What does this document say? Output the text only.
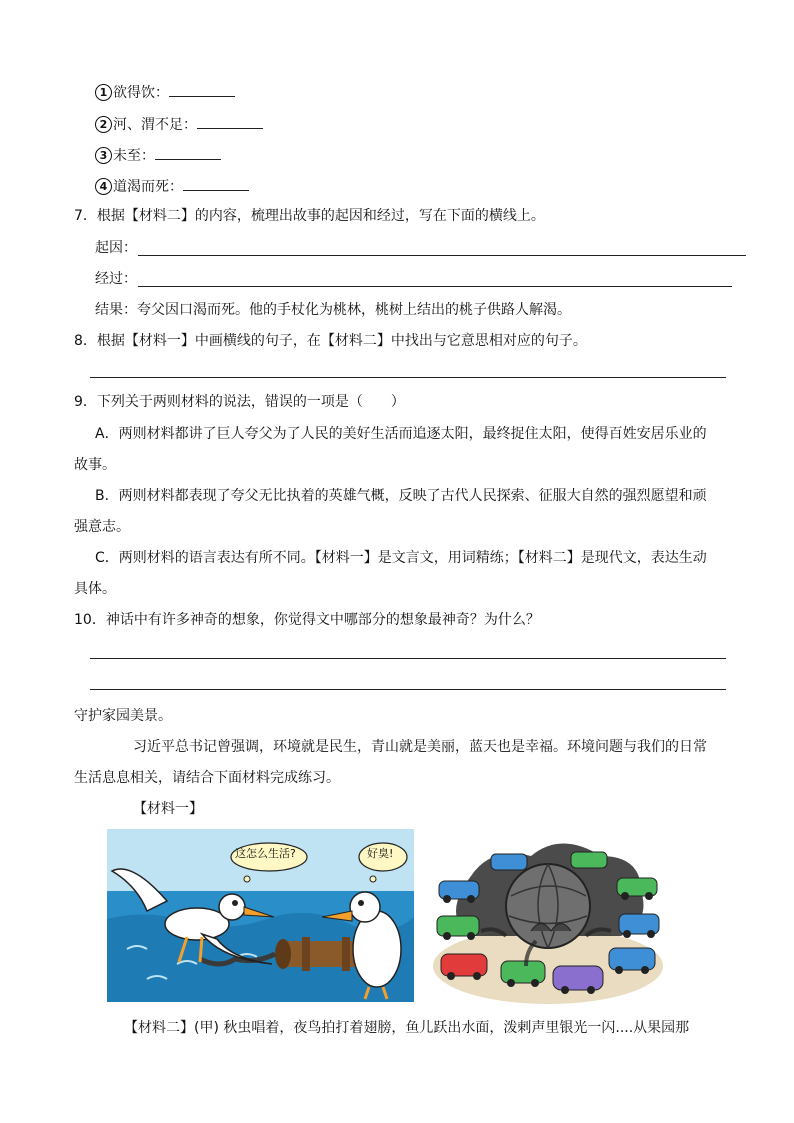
1 欲得饮：
2 河、渭不足：
3 未至：
4 道渴而死：
7．根据【材料二】的内容，梳理出故事的起因和经过，写在下面的横线上。
起因：
经过：
结果：夸父因口渴而死。他的手杖化为桃林，桃树上结出的桃子供路人解渴。
8．根据【材料一】中画横线的句子，在【材料二】中找出与它意思相对应的句子。
9．下列关于两则材料的说法，错误的一项是（　　）
A．两则材料都讲了巨人夸父为了人民的美好生活而追逐太阳，最终捉住太阳，使得百姓安居乐业的
故事。
B．两则材料都表现了夸父无比执着的英雄气概，反映了古代人民探索、征服大自然的强烈愿望和顽
强意志。
C．两则材料的语言表达有所不同。【材料一】是文言文，用词精练；【材料二】是现代文，表达生动
具体。
10．神话中有许多神奇的想象，你觉得文中哪部分的想象最神奇？为什么？
守护家园美景。
习近平总书记曾强调，环境就是民生，青山就是美丽，蓝天也是幸福。环境问题与我们的日常
生活息息相关，请结合下面材料完成练习。
【材料一】
这怎么生活?	好臭!
【材料二】(甲) 秋虫唱着，夜鸟拍打着翅膀，鱼儿跃出水面，泼剌声里银光一闪....从果园那
